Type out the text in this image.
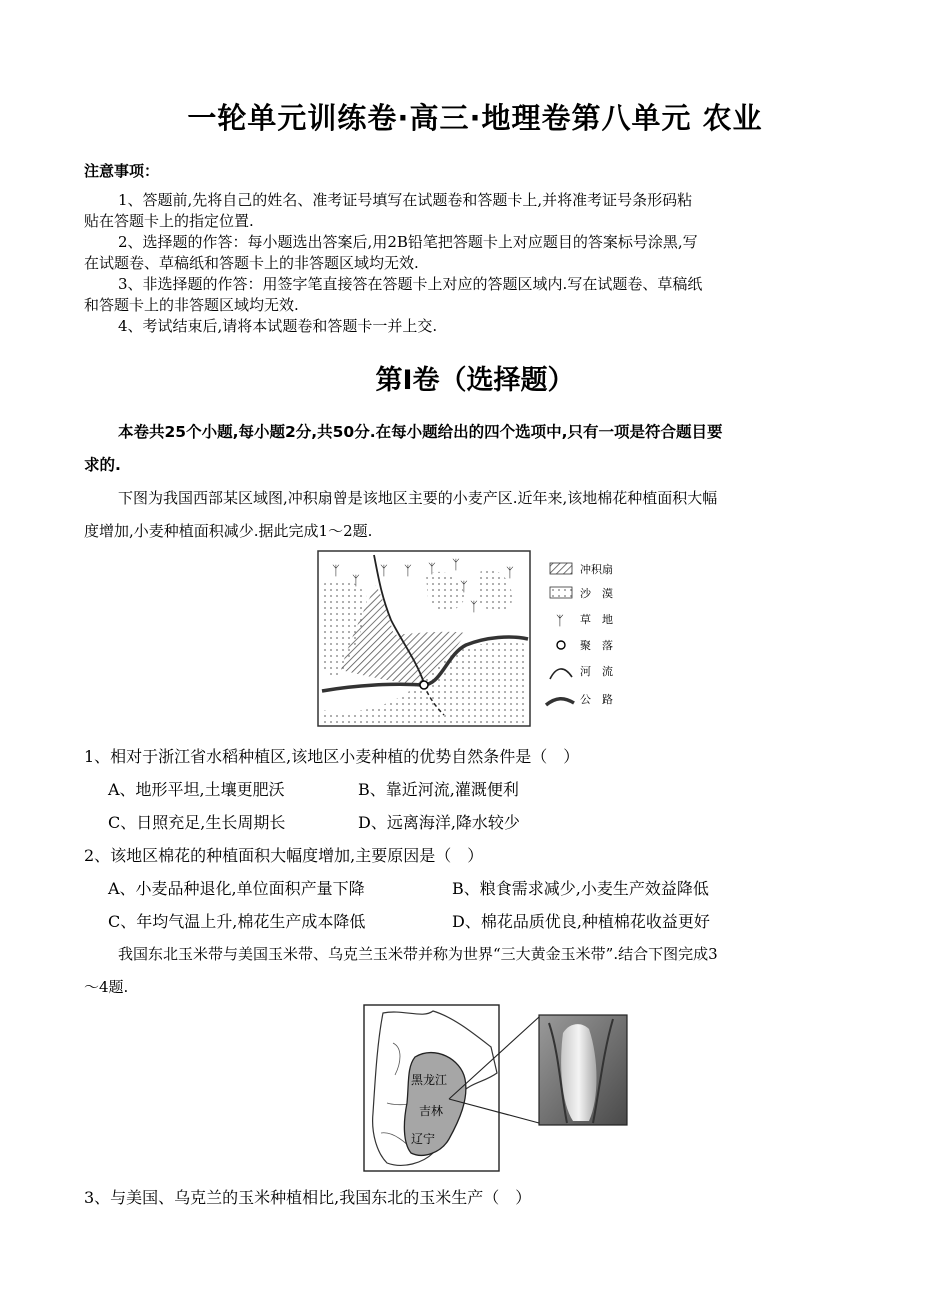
一轮单元训练卷·高三·地理卷第八单元 农业
注意事项：
1、答题前,先将自己的姓名、准考证号填写在试题卷和答题卡上,并将准考证号条形码粘
贴在答题卡上的指定位置.
2、选择题的作答：每小题选出答案后,用2B铅笔把答题卡上对应题目的答案标号涂黑,写
在试题卷、草稿纸和答题卡上的非答题区域均无效.
3、非选择题的作答：用签字笔直接答在答题卡上对应的答题区域内.写在试题卷、草稿纸
和答题卡上的非答题区域均无效.
4、考试结束后,请将本试题卷和答题卡一并上交.
第Ⅰ卷（选择题）
本卷共25个小题,每小题2分,共50分.在每小题给出的四个选项中,只有一项是符合题目要
求的.
下图为我国西部某区域图,冲积扇曾是该地区主要的小麦产区.近年来,该地棉花种植面积大幅
度增加,小麦种植面积减少.据此完成1～2题.
ᛉ
ᛉ
ᛉ ᛉ ᛉ ᛉ
ᛉ
ᛉ
ᛉ	冲积扇
沙　漠
ᛉ 草　地
聚　落
河　流
公　路
1、相对于浙江省水稻种植区,该地区小麦种植的优势自然条件是（　）
A、地形平坦,土壤更肥沃	B、靠近河流,灌溉便利
C、日照充足,生长周期长	D、远离海洋,降水较少
2、该地区棉花的种植面积大幅度增加,主要原因是（　）
A、小麦品种退化,单位面积产量下降	B、粮食需求减少,小麦生产效益降低
C、年均气温上升,棉花生产成本降低	D、棉花品质优良,种植棉花收益更好
我国东北玉米带与美国玉米带、乌克兰玉米带并称为世界“三大黄金玉米带”.结合下图完成3
～4题.
黑龙江
吉林
辽宁
3、与美国、乌克兰的玉米种植相比,我国东北的玉米生产（　）
